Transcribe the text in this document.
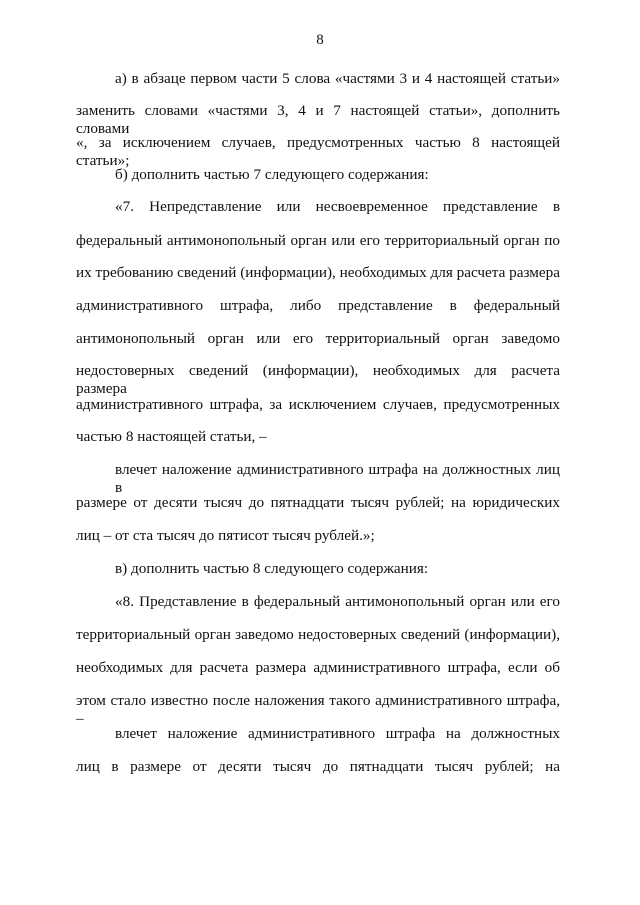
8
а) в абзаце первом части 5 слова «частями 3 и 4 настоящей статьи»
заменить словами «частями 3, 4 и 7 настоящей статьи», дополнить словами
«, за исключением случаев, предусмотренных частью 8 настоящей статьи»;
б) дополнить частью 7 следующего содержания:
«7. Непредставление или несвоевременное представление в
федеральный антимонопольный орган или его территориальный орган по
их требованию сведений (информации), необходимых для расчета размера
административного штрафа, либо представление в федеральный
антимонопольный орган или его территориальный орган заведомо
недостоверных сведений (информации), необходимых для расчета размера
административного штрафа, за исключением случаев, предусмотренных
частью 8 настоящей статьи, –
влечет наложение административного штрафа на должностных лиц в
размере от десяти тысяч до пятнадцати тысяч рублей; на юридических
лиц – от ста тысяч до пятисот тысяч рублей.»;
в) дополнить частью 8 следующего содержания:
«8. Представление в федеральный антимонопольный орган или его
территориальный орган заведомо недостоверных сведений (информации),
необходимых для расчета размера административного штрафа, если об
этом стало известно после наложения такого административного штрафа, –
влечет наложение административного штрафа на должностных
лиц в размере от десяти тысяч до пятнадцати тысяч рублей; на
